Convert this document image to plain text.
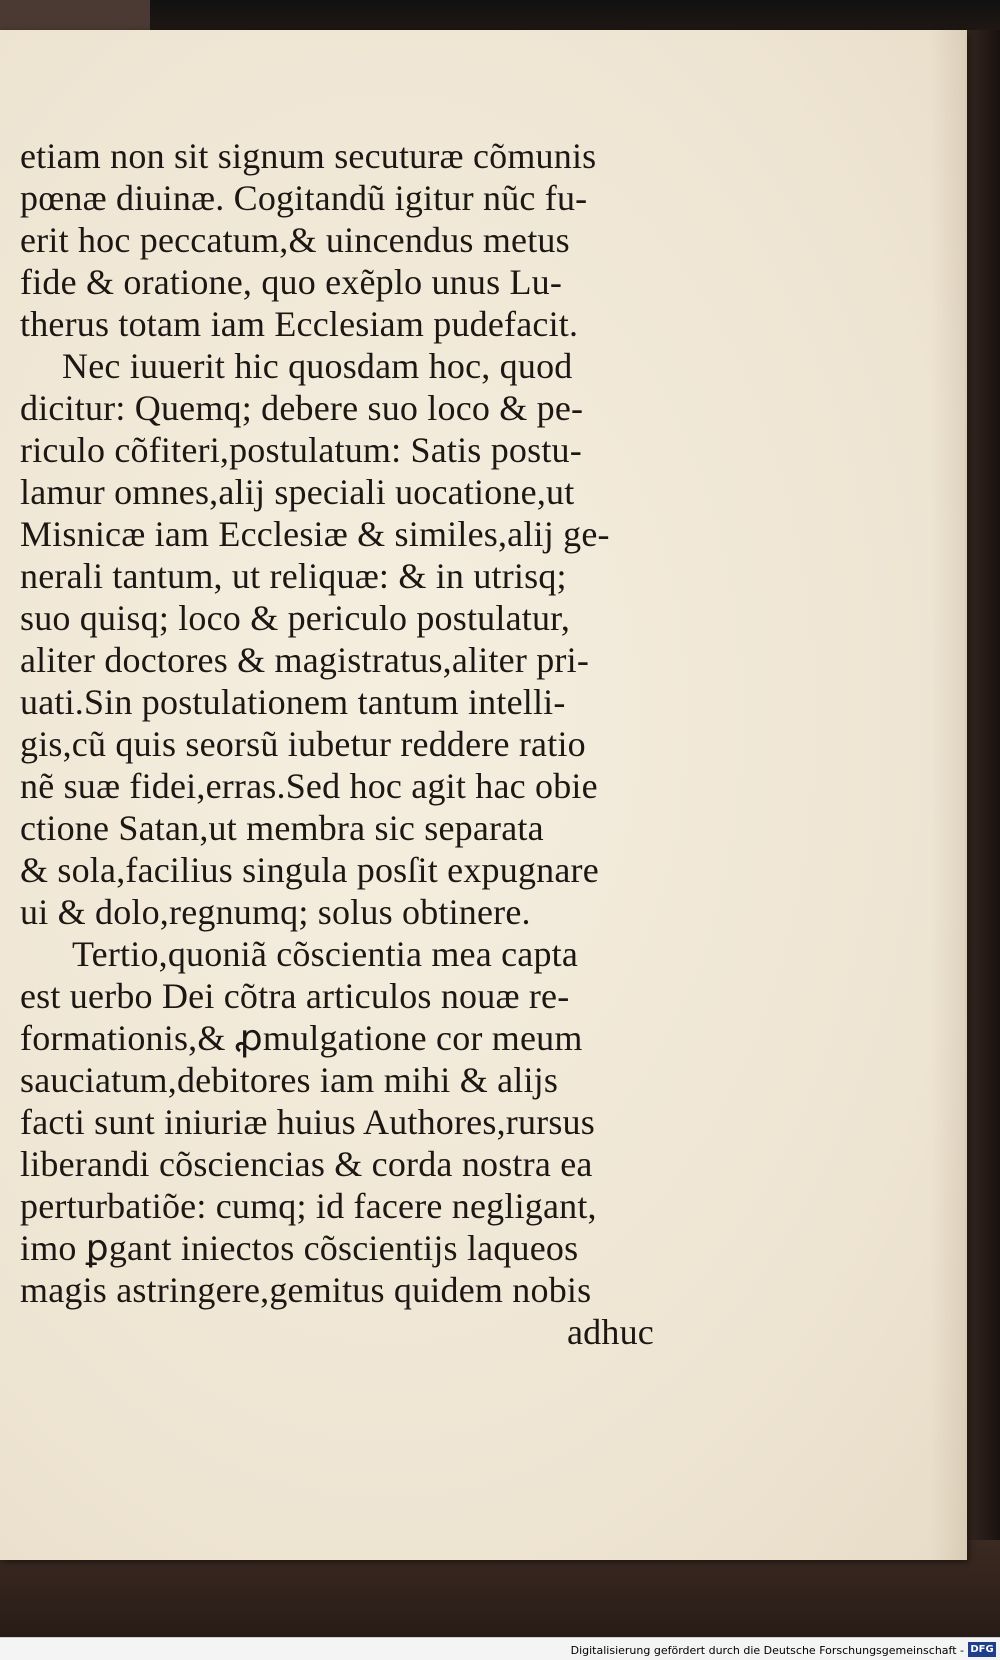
etiam non sit signum secuturæ cõmunis
pœnæ diuinæ. Cogitandũ igitur nũc fu-
erit hoc peccatum,& uincendus metus
fide & oratione, quo exẽplo unus Lu-
therus totam iam Ecclesiam pudefacit.
Nec iuuerit hic quosdam hoc, quod
dicitur: Quemq; debere suo loco & pe-
riculo cõfiteri,postulatum: Satis postu-
lamur omnes,alij speciali uocatione,ut
Misnicæ iam Ecclesiæ & similes,alij ge-
nerali tantum, ut reliquæ: & in utrisq;
suo quisq; loco & periculo postulatur,
aliter doctores & magistratus,aliter pri-
uati.Sin postulationem tantum intelli-
gis,cũ quis seorsũ iubetur reddere ratio
nẽ suæ fidei,erras.Sed hoc agit hac obie
ctione Satan,ut membra sic separata
& sola,facilius singula posſit expugnare
ui & dolo,regnumq; solus obtinere.
Tertio,quoniã cõscientia mea capta
est uerbo Dei cõtra articulos nouæ re-
formationis,& ꝓmulgatione cor meum
sauciatum,debitores iam mihi & alijs
facti sunt iniuriæ huius Authores,rursus
liberandi cõsciencias & corda nostra ea
perturbatiõe: cumq; id facere negligant,
imo ꝑgant iniectos cõscientijs laqueos
magis astringere,gemitus quidem nobis
adhuc
Digitalisierung gefördert durch die Deutsche Forschungsgemeinschaft - DFG
